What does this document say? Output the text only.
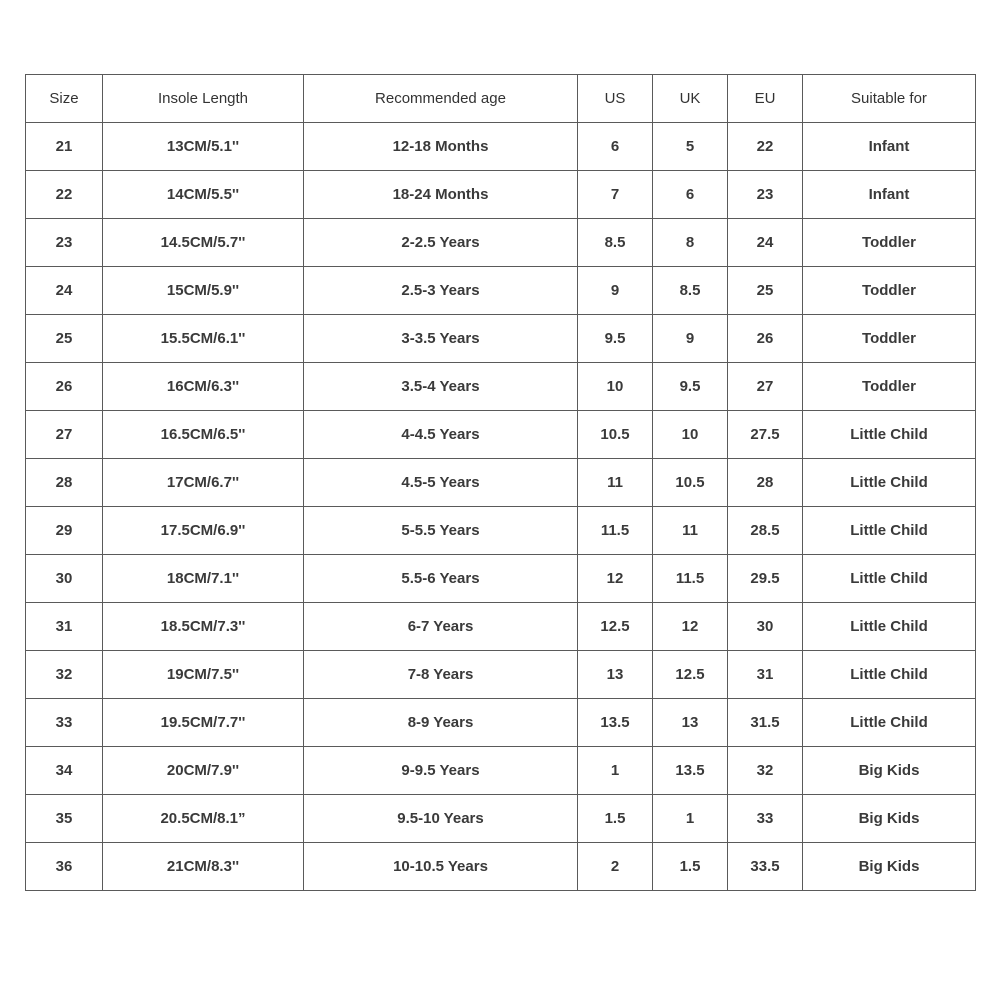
Size	Insole Length	Recommended age	US	UK	EU	Suitable for
21	13CM/5.1''	12-18 Months	6	5	22	Infant
22	14CM/5.5''	18-24 Months	7	6	23	Infant
23	14.5CM/5.7''	2-2.5 Years	8.5	8	24	Toddler
24	15CM/5.9''	2.5-3 Years	9	8.5	25	Toddler
25	15.5CM/6.1''	3-3.5 Years	9.5	9	26	Toddler
26	16CM/6.3''	3.5-4 Years	10	9.5	27	Toddler
27	16.5CM/6.5''	4-4.5 Years	10.5	10	27.5	Little Child
28	17CM/6.7''	4.5-5 Years	11	10.5	28	Little Child
29	17.5CM/6.9''	5-5.5 Years	11.5	11	28.5	Little Child
30	18CM/7.1''	5.5-6 Years	12	11.5	29.5	Little Child
31	18.5CM/7.3''	6-7 Years	12.5	12	30	Little Child
32	19CM/7.5''	7-8 Years	13	12.5	31	Little Child
33	19.5CM/7.7''	8-9 Years	13.5	13	31.5	Little Child
34	20CM/7.9''	9-9.5 Years	1	13.5	32	Big Kids
35	20.5CM/8.1”	9.5-10 Years	1.5	1	33	Big Kids
36	21CM/8.3''	10-10.5 Years	2	1.5	33.5	Big Kids
